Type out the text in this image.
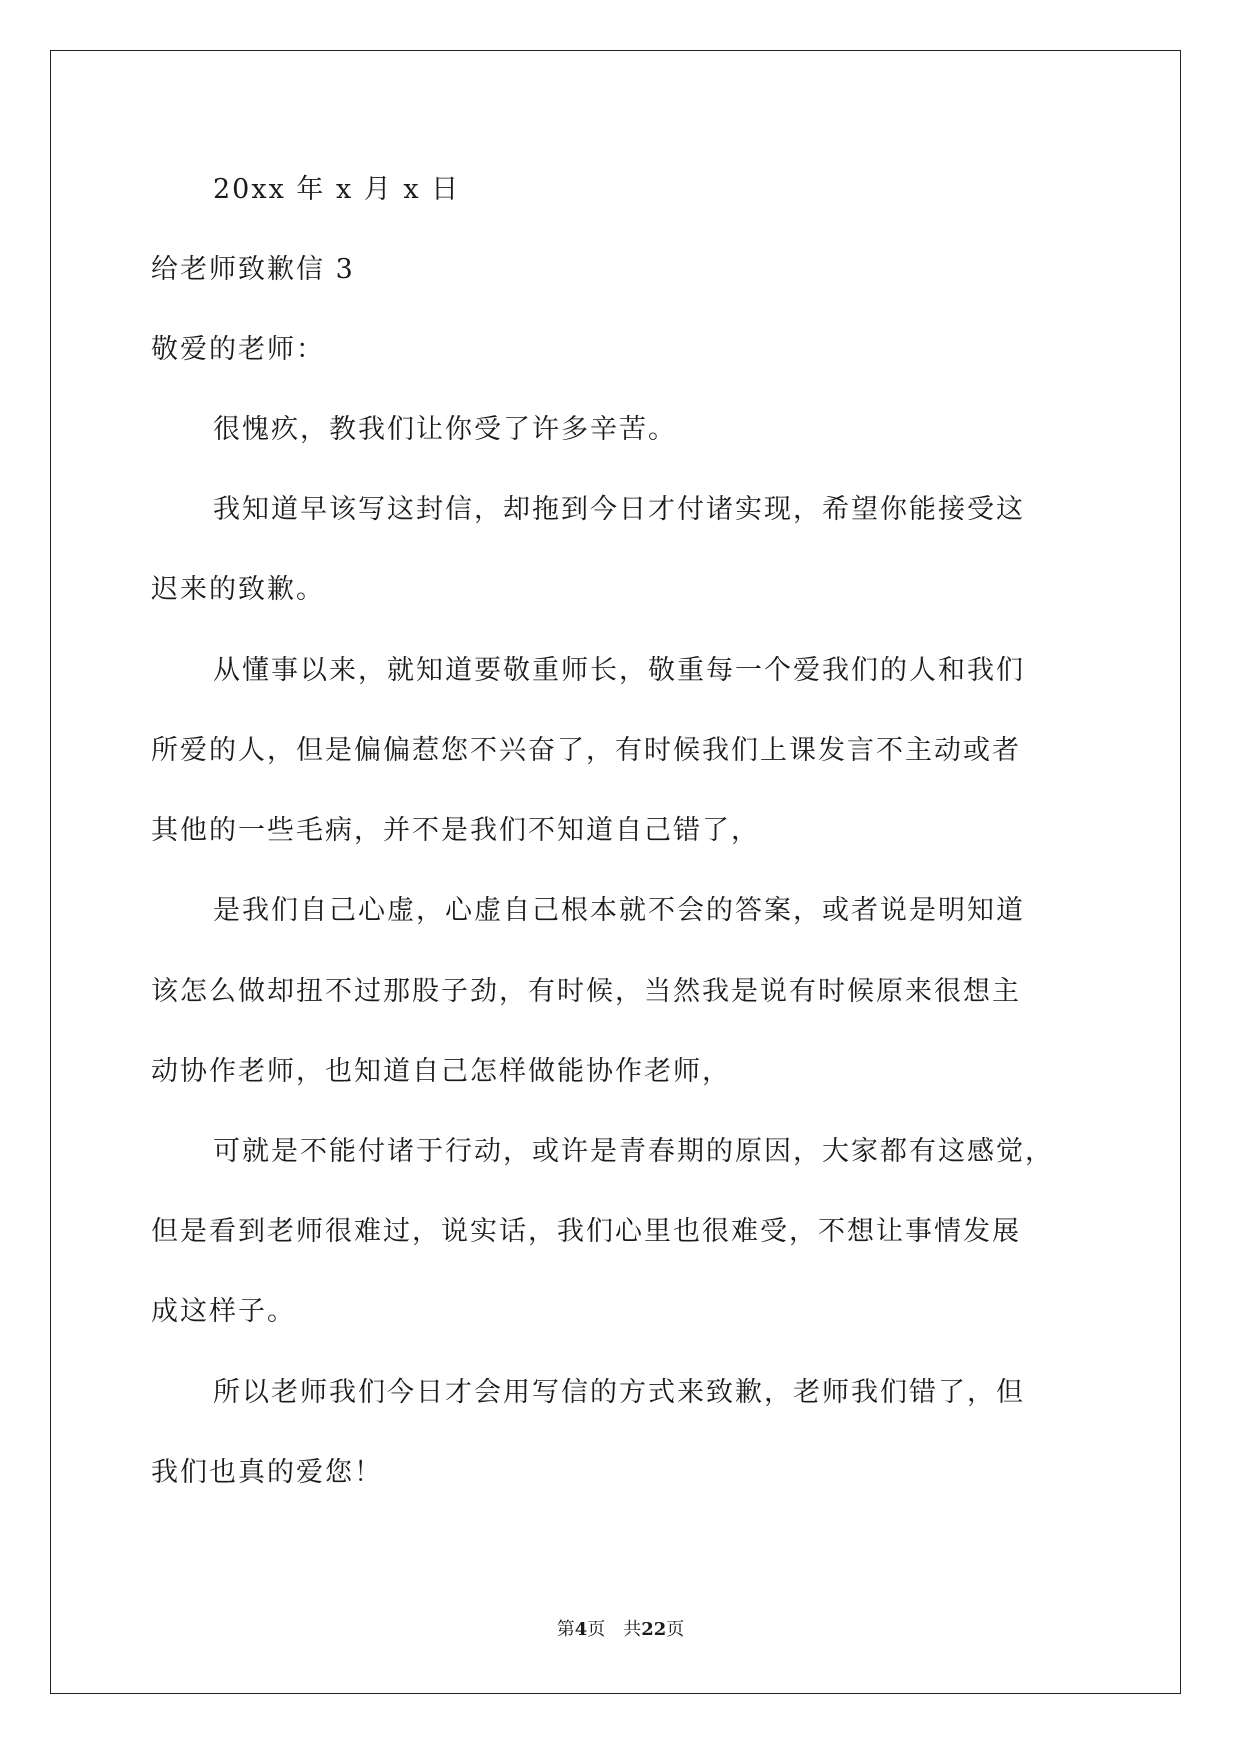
20xx 年 x 月 x 日
给老师致歉信 3
敬爱的老师：
很愧疚，教我们让你受了许多辛苦。
我知道早该写这封信，却拖到今日才付诸实现，希望你能接受这
迟来的致歉。
从懂事以来，就知道要敬重师长，敬重每一个爱我们的人和我们
所爱的人，但是偏偏惹您不兴奋了，有时候我们上课发言不主动或者
其他的一些毛病，并不是我们不知道自己错了，
是我们自己心虚，心虚自己根本就不会的答案，或者说是明知道
该怎么做却扭不过那股子劲，有时候，当然我是说有时候原来很想主
动协作老师，也知道自己怎样做能协作老师，
可就是不能付诸于行动，或许是青春期的原因，大家都有这感觉，
但是看到老师很难过，说实话，我们心里也很难受，不想让事情发展
成这样子。
所以老师我们今日才会用写信的方式来致歉，老师我们错了，但
我们也真的爱您！
第4页　共22页
